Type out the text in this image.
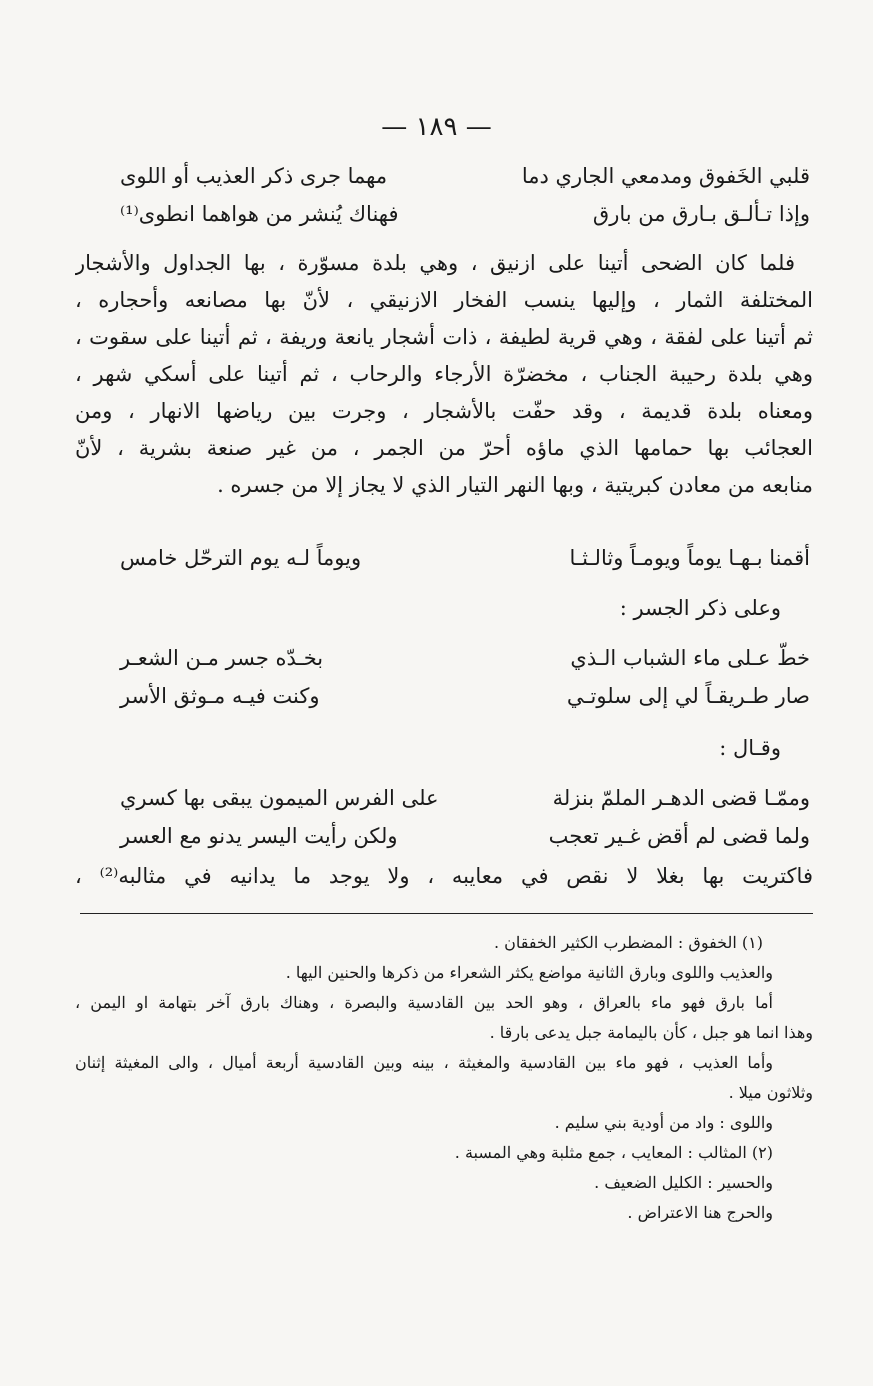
— ١٨٩ —
قلبي الخَفوق ومدمعي الجاري دما
مهما جرى ذكر العذيب أو اللوى
وإذا تـألـق بـارق من بارق
فهناك يُنشر من هواهما انطوى⁽¹⁾
فلما كان الضحى أتينا على ازنيق ، وهي بلدة مسوّرة ، بها الجداول والأشجار
المختلفة الثمار ، وإليها ينسب الفخار الازنيقي ، لأنّ بها مصانعه وأحجاره ،
ثم أتينا على لفقة ، وهي قرية لطيفة ، ذات أشجار يانعة وريفة ، ثم أتينا على سقوت ،
وهي بلدة رحيبة الجناب ، مخضرّة الأرجاء والرحاب ، ثم أتينا على أسكي شهر ،
ومعناه بلدة قديمة ، وقد حفّت بالأشجار ، وجرت بين رياضها الانهار ، ومن
العجائب بها حمامها الذي ماؤه أحرّ من الجمر ، من غير صنعة بشرية ، لأنّ
منابعه من معادن كبريتية ، وبها النهر التيار الذي لا يجاز إلا من جسره .
أقمنا بـهـا يوماً ويومـاً وثالـثـا
ويوماً لـه يوم الترحّل خامس
وعلى ذكر الجسر :
خطّ عـلى ماء الشباب الـذي
بخـدّه جسر مـن الشعـر
صار طـريقـاً لي إلى سلوتـي
وكنت فيـه مـوثق الأسر
وقـال :
وممّـا قضى الدهـر الملمّ بنزلة
على الفرس الميمون يبقى بها كسري
ولما قضى لم أقض غـير تعجب
ولكن رأيت اليسر يدنو مع العسر
فاكتريت بها بغلا لا نقص في معايبه ، ولا يوجد ما يدانيه في مثالبه⁽²⁾ ،
(١) الخفوق : المضطرب الكثير الخفقان .
والعذيب واللوى وبارق الثانية مواضع يكثر الشعراء من ذكرها والحنين اليها .
أما بارق فهو ماء بالعراق ، وهو الحد بين القادسية والبصرة ، وهناك بارق آخر بتهامة او اليمن ،
وهذا انما هو جبل ، كأن باليمامة جبل يدعى بارقا .
وأما العذيب ، فهو ماء بين القادسية والمغيثة ، بينه وبين القادسية أربعة أميال ، والى المغيثة إثنان
وثلاثون ميلا .
واللوى : واد من أودية بني سليم .
(٢) المثالب : المعايب ، جمع مثلبة وهي المسبة .
والحسير : الكليل الضعيف .
والحرج هنا الاعتراض .
